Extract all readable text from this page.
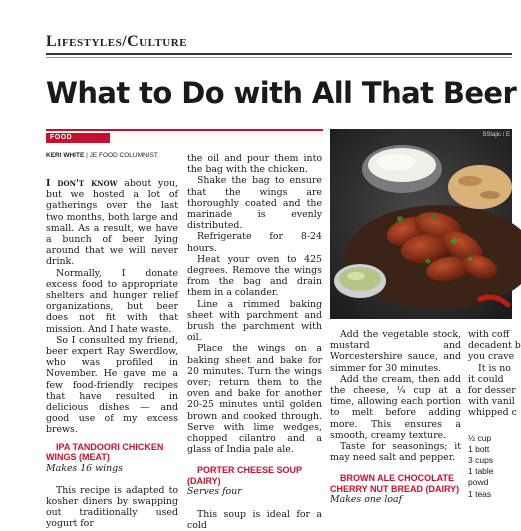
Lifestyles/Culture
What to Do with All That Beer
FOOD
KERI WHITE | JE FOOD COLUMNIST
SStajic / E

I don't know about you, but we hosted a lot of gatherings over the last two months, both large and small. As a result, we have a bunch of beer lying around that we will never drink.

Normally, I donate excess food to appropriate shelters and hunger relief organizations, but beer does not fit with that mission. And I hate waste.

So I consulted my friend, beer expert Ray Swerdlow, who was profiled in November. He gave me a few food-friendly recipes that have resulted in delicious dishes — and good use of my excess brews.

IPA TANDOORI CHICKEN WINGS (MEAT)

Makes 16 wings

This recipe is adapted to kosher diners by swapping out traditionally used yogurt for

the oil and pour them into the bag with the chicken.

Shake the bag to ensure that the wings are thoroughly coated and the marinade is evenly distributed.

Refrigerate for 8-24 hours.

Heat your oven to 425 degrees. Remove the wings from the bag and drain them in a colander.

Line a rimmed baking sheet with parchment and brush the parchment with oil.

Place the wings on a baking sheet and bake for 20 minutes. Turn the wings over; return them to the oven and bake for another 20-25 minutes until golden brown and cooked through. Serve with lime wedges, chopped cilantro and a glass of India pale ale.

PORTER CHEESE SOUP (DAIRY)

Serves four

This soup is ideal for a cold

Add the vegetable stock, mustard and Worcestershire sauce, and simmer for 30 minutes.

Add the cream, then add the cheese, ¼ cup at a time, allowing each portion to melt before adding more. This ensures a smooth, creamy texture.

Taste for seasonings; it may need salt and pepper.

BROWN ALE CHOCOLATE CHERRY NUT BREAD (DAIRY)

Makes one loaf

with coff
decadent b
you crave
It is no
it could
for desser
with vanil
whipped c
½ cup
1 bott
3 cups
1 table
powd
1 teas
